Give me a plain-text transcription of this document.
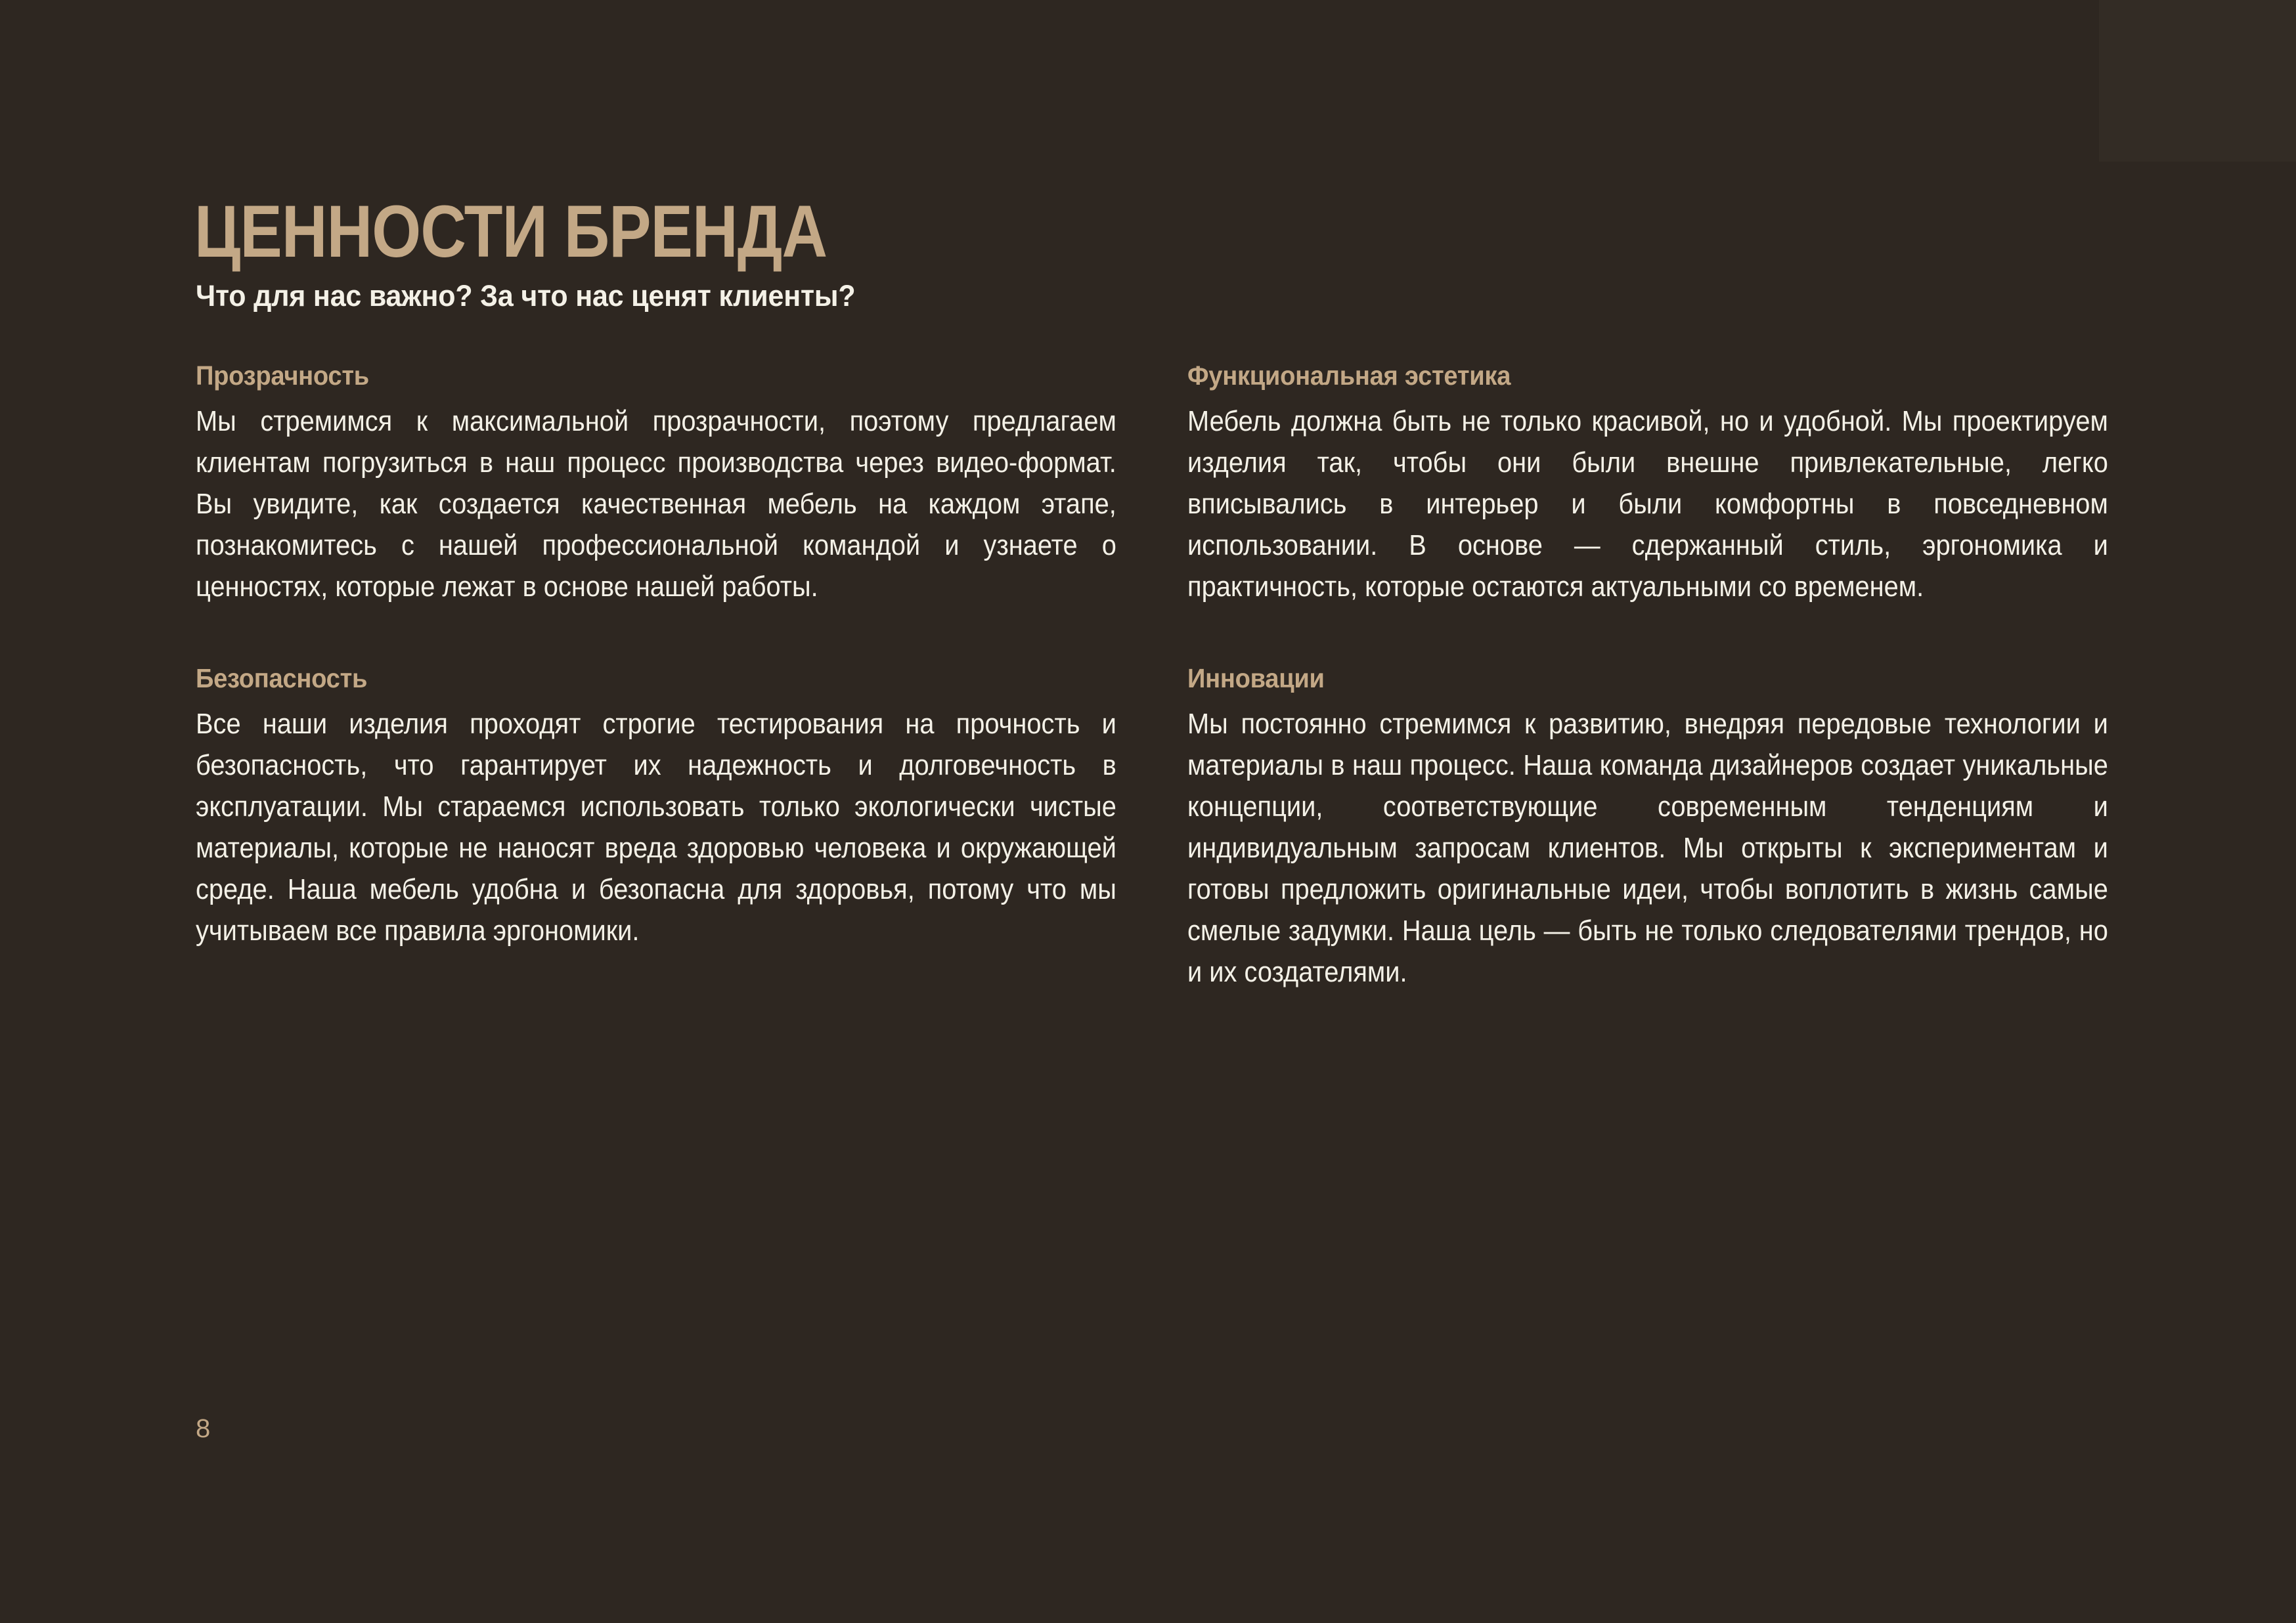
ЦЕННОСТИ БРЕНДА
Что для нас важно? За что нас ценят клиенты?
Прозрачность

Мы стремимся к максимальной прозрачности, поэтому предлагаем клиентам погрузиться в наш процесс производства через видео-формат. Вы увидите, как создается качественная мебель на каждом этапе, познакомитесь с нашей профессиональной командой и узнаете о ценностях, которые лежат в основе нашей работы.

Безопасность

Все наши изделия проходят строгие тестирования на прочность и безопасность, что гарантирует их надежность и долговечность в эксплуатации. Мы стараемся использовать только экологически чистые материалы, которые не наносят вреда здоровью человека и окружающей среде. Наша мебель удобна и безопасна для здоровья, потому что мы учитываем все правила эргономики.

Функциональная эстетика

Мебель должна быть не только красивой, но и удобной. Мы проектируем изделия так, чтобы они были внешне привлекательные, легко вписывались в интерьер и были комфортны в повседневном использовании. В основе — сдержанный стиль, эргономика и практичность, которые остаются актуальными со временем.

Инновации

Мы постоянно стремимся к развитию, внедряя передовые технологии и материалы в наш процесс. Наша команда дизайнеров создает уникальные концепции, соответствующие современным тенденциям и индивидуальным запросам клиентов. Мы открыты к экспериментам и готовы предложить оригинальные идеи, чтобы воплотить в жизнь самые смелые задумки. Наша цель — быть не только следователями трендов, но и их создателями.

8
